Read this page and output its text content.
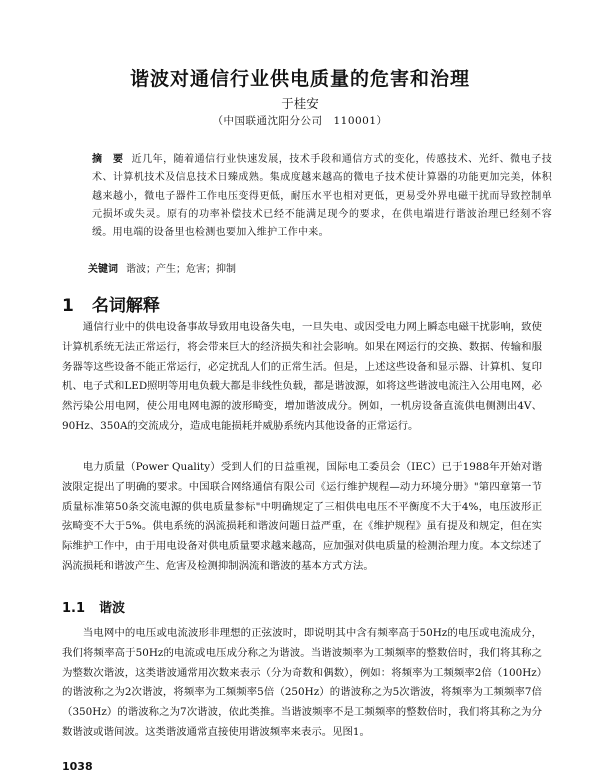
谐波对通信行业供电质量的危害和治理
于桂安
（中国联通沈阳分公司　110001）
摘　要 近几年，随着通信行业快速发展，技术手段和通信方式的变化，传感技术、光纤、微电子技术、计算机技术及信息技术日臻成熟。集成度越来越高的微电子技术使计算器的功能更加完美，体积越来越小，微电子器件工作电压变得更低，耐压水平也相对更低，更易受外界电磁干扰而导致控制单元损坏或失灵。原有的功率补偿技术已经不能满足现今的要求，在供电端进行谐波治理已经刻不容缓。用电端的设备里也检测也要加入维护工作中来。
关键词 谐波；产生；危害；抑制
1 名词解释
通信行业中的供电设备事故导致用电设备失电，一旦失电、或因受电力网上瞬态电磁干扰影响，致使计算机系统无法正常运行，将会带来巨大的经济损失和社会影响。如果在网运行的交换、数据、传输和服务器等这些设备不能正常运行，必定扰乱人们的正常生活。但是，上述这些设备和显示器、计算机、复印机、电子式和LED照明等用电负载大都是非线性负载，都是谐波源，如将这些谐波电流注入公用电网，必然污染公用电网，使公用电网电源的波形畸变，增加谐波成分。例如，一机房设备直流供电侧测出4V、90Hz、350A的交流成分，造成电能损耗并威胁系统内其他设备的正常运行。
电力质量（Power Quality）受到人们的日益重视，国际电工委员会（IEC）已于1988年开始对谐波限定提出了明确的要求。中国联合网络通信有限公司《运行维护规程—动力环境分册》"第四章第一节质量标准第50条交流电源的供电质量参标"中明确规定了三相供电电压不平衡度不大于4%，电压波形正弦畸变不大于5%。供电系统的涡流损耗和谐波问题日益严重，在《维护规程》虽有提及和规定，但在实际维护工作中，由于用电设备对供电质量要求越来越高，应加强对供电质量的检测治理力度。本文综述了涡流损耗和谐波产生、危害及检测抑制涡流和谐波的基本方式方法。
1.1 谐波
当电网中的电压或电流波形非理想的正弦波时，即说明其中含有频率高于50Hz的电压或电流成分，我们将频率高于50Hz的电流或电压成分称之为谐波。当谐波频率为工频频率的整数倍时，我们将其称之为整数次谐波，这类谐波通常用次数来表示（分为奇数和偶数），例如：将频率为工频频率2倍（100Hz）的谐波称之为2次谐波，将频率为工频频率5倍（250Hz）的谐波称之为5次谐波，将频率为工频频率7倍（350Hz）的谐波称之为7次谐波，依此类推。当谐波频率不是工频频率的整数倍时，我们将其称之为分数谐波或谐间波。这类谐波通常直接使用谐波频率来表示。见图1。
1038
